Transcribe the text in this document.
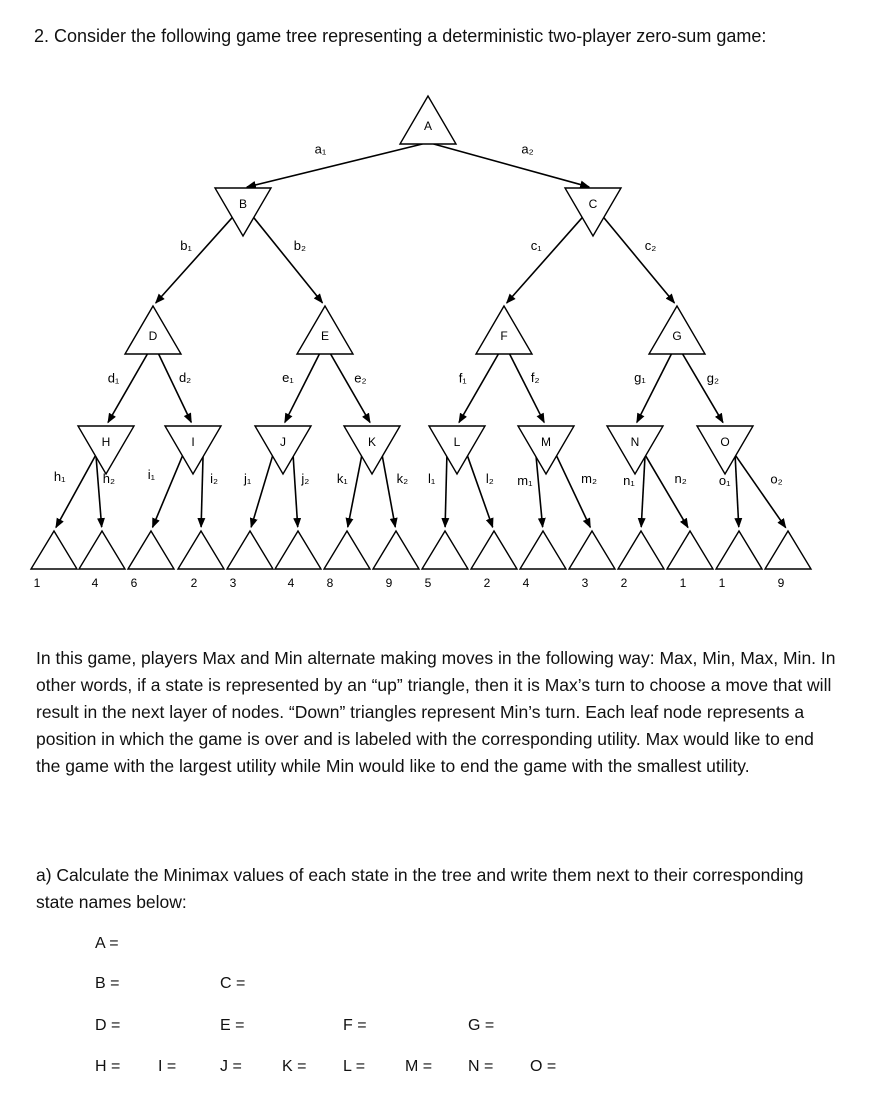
2. Consider the following game tree representing a deterministic two-player zero-sum game:

A
B	C
D	E	F	G
H	I	J	K	L	M	N	O
a₁	a₂
b₁	b₂	c₁	c₂
d₁	d₂	e₁	e₂	f₁	f₂	g₁	g₂
h₁	h₂	i₁	i₂ j₁	j₂ k₁	k₂ l₁	l₂ m₁	m₂ n₁	n₂ o₁	o₂
1	4	6	2	3	4	8	9	5	2	4	3	2	1	1	9

In this game, players Max and Min alternate making moves in the following way: Max, Min, Max, Min. In other words, if a state is represented by an “up” triangle, then it is Max’s turn to choose a move that will result in the next layer of nodes. “Down” triangles represent Min’s turn. Each leaf node represents a position in which the game is over and is labeled with the corresponding utility. Max would like to end the game with the largest utility while Min would like to end the game with the smallest utility.

a) Calculate the Minimax values of each state in the tree and write them next to their corresponding state names below:

A =
B =	C =
D =	E =	F =	G =
H = I =	J =	K = L = M = N = O =
